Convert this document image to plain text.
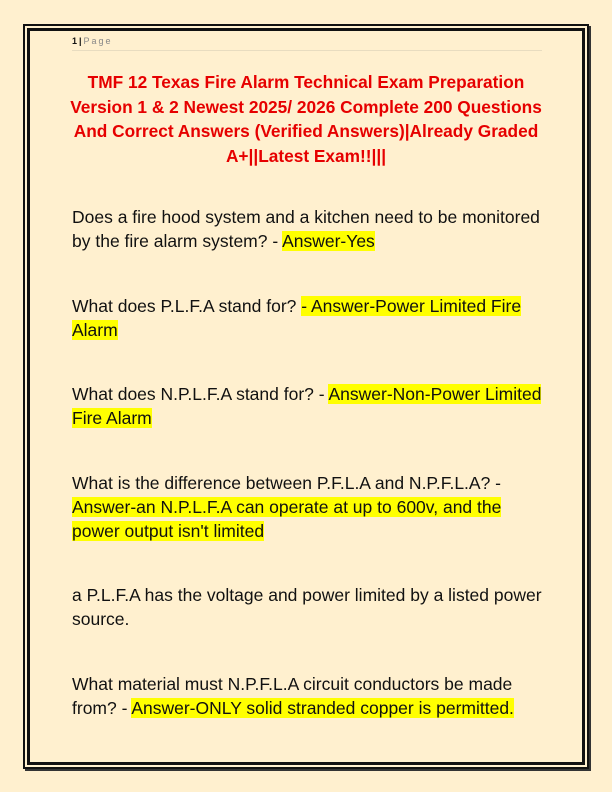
1 | Page
TMF 12 Texas Fire Alarm Technical Exam Preparation Version 1 & 2 Newest 2025/ 2026 Complete 200 Questions And Correct Answers (Verified Answers)|Already Graded A+||Latest Exam!!|||
Does a fire hood system and a kitchen need to be monitored by the fire alarm system? - Answer-Yes
What does P.L.F.A stand for? - Answer-Power Limited Fire Alarm
What does N.P.L.F.A stand for? - Answer-Non-Power Limited Fire Alarm
What is the difference between P.F.L.A and N.P.F.L.A? - Answer-an N.P.L.F.A can operate at up to 600v, and the power output isn't limited
a P.L.F.A has the voltage and power limited by a listed power source.
What material must N.P.F.L.A circuit conductors be made from? - Answer-ONLY solid stranded copper is permitted.
